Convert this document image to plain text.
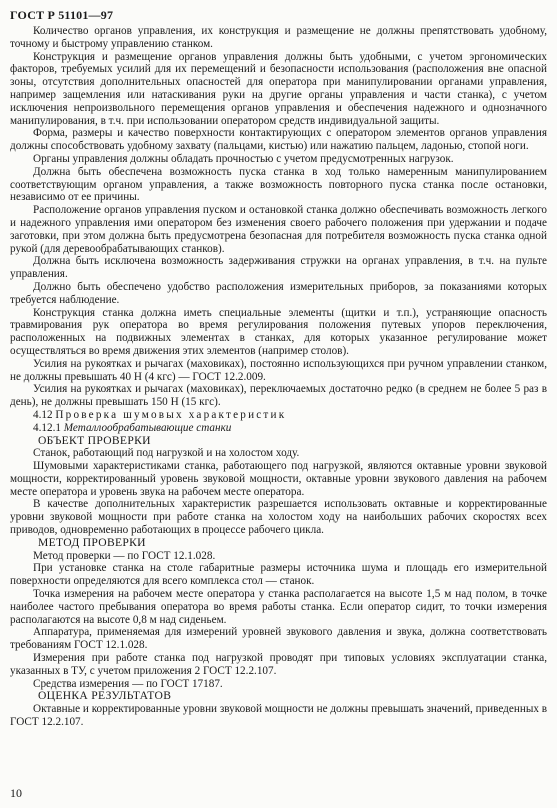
ГОСТ Р 51101—97

Количество органов управления, их конструкция и размещение не должны препятствовать удобному, точному и быстрому управлению станком.

Конструкция и размещение органов управления должны быть удобными, с учетом эргономических факторов, требуемых усилий для их перемещений и безопасности использования (расположения вне опасной зоны, отсутствия дополнительных опасностей для оператора при манипулировании органами управления, например защемления или натаскивания руки на другие органы управления и части станка), с учетом исключения непроизвольного перемещения органов управления и обеспечения надежного и однозначного манипулирования, в т.ч. при использовании оператором средств индивидуальной защиты.

Форма, размеры и качество поверхности контактирующих с оператором элементов органов управления должны способствовать удобному захвату (пальцами, кистью) или нажатию пальцем, ладонью, стопой ноги.

Органы управления должны обладать прочностью с учетом предусмотренных нагрузок.

Должна быть обеспечена возможность пуска станка в ход только намеренным манипулированием соответствующим органом управления, а также возможность повторного пуска станка после остановки, независимо от ее причины.

Расположение органов управления пуском и остановкой станка должно обеспечивать возможность легкого и надежного управления ими оператором без изменения своего рабочего положения при удержании и подаче заготовки, при этом должна быть предусмотрена безопасная для потребителя возможность пуска станка одной рукой (для деревообрабатывающих станков).

Должна быть исключена возможность задерживания стружки на органах управления, в т.ч. на пульте управления.

Должно быть обеспечено удобство расположения измерительных приборов, за показаниями которых требуется наблюдение.

Конструкция станка должна иметь специальные элементы (щитки и т.п.), устраняющие опасность травмирования рук оператора во время регулирования положения путевых упоров переключения, расположенных на подвижных элементах в станках, для которых указанное регулирование может осуществляться во время движения этих элементов (например столов).

Усилия на рукоятках и рычагах (маховиках), постоянно использующихся при ручном управлении станком, не должны превышать 40 Н (4 кгс) — ГОСТ 12.2.009.

Усилия на рукоятках и рычагах (маховиках), переключаемых достаточно редко (в среднем не более 5 раз в день), не должны превышать 150 Н (15 кгс).

4.12 Проверка шумовых характеристик

4.12.1 Металлообрабатывающие станки

ОБЪЕКТ ПРОВЕРКИ

Станок, работающий под нагрузкой и на холостом ходу.

Шумовыми характеристиками станка, работающего под нагрузкой, являются октавные уровни звуковой мощности, корректированный уровень звуковой мощности, октавные уровни звукового давления на рабочем месте оператора и уровень звука на рабочем месте оператора.

В качестве дополнительных характеристик разрешается использовать октавные и корректированные уровни звуковой мощности при работе станка на холостом ходу на наибольших рабочих скоростях всех приводов, одновременно работающих в процессе рабочего цикла.

МЕТОД ПРОВЕРКИ

Метод проверки — по ГОСТ 12.1.028.

При установке станка на столе габаритные размеры источника шума и площадь его измерительной поверхности определяются для всего комплекса стол — станок.

Точка измерения на рабочем месте оператора у станка располагается на высоте 1,5 м над полом, в точке наиболее частого пребывания оператора во время работы станка. Если оператор сидит, то точки измерения располагаются на высоте 0,8 м над сиденьем.

Аппаратура, применяемая для измерений уровней звукового давления и звука, должна соответствовать требованиям ГОСТ 12.1.028.

Измерения при работе станка под нагрузкой проводят при типовых условиях эксплуатации станка, указанных в ТУ, с учетом приложения 2 ГОСТ 12.2.107.

Средства измерения — по ГОСТ 17187.

ОЦЕНКА РЕЗУЛЬТАТОВ

Октавные и корректированные уровни звуковой мощности не должны превышать значений, приведенных в ГОСТ 12.2.107.

10
